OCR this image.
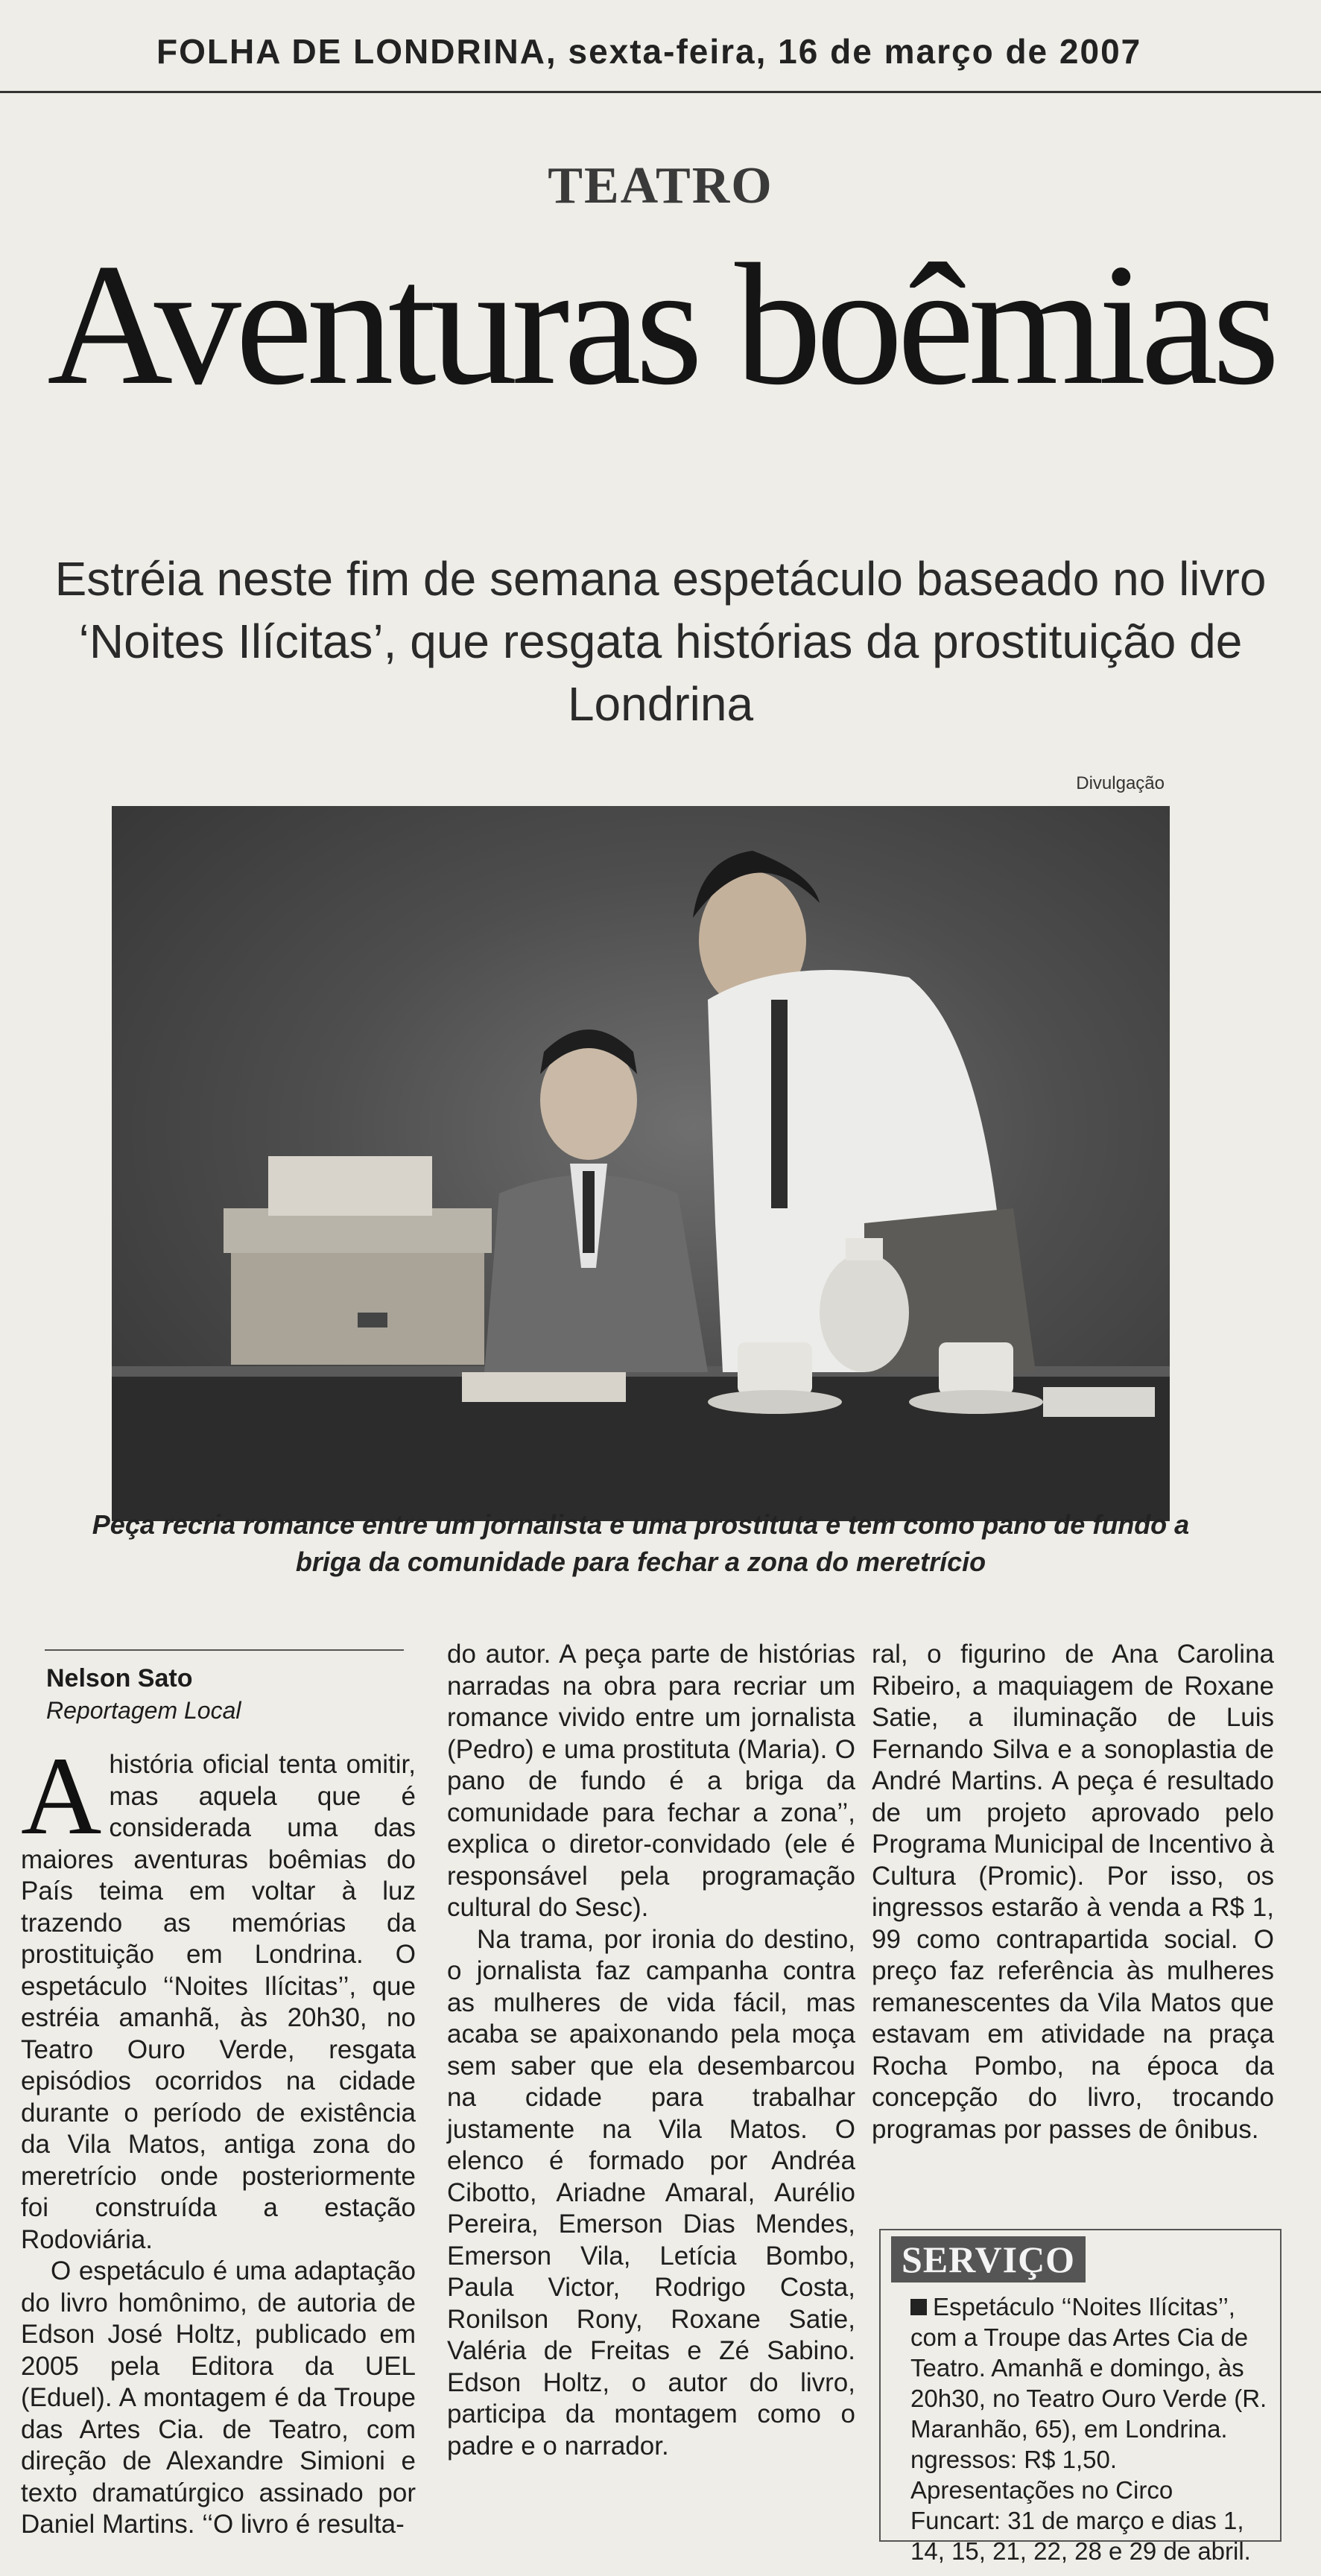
FOLHA DE LONDRINA, sexta-feira, 16 de março de 2007
TEATRO
Aventuras boêmias
Estréia neste fim de semana espetáculo baseado no livro ‘Noites Ilícitas’, que resgata histórias da prostituição de Londrina
Divulgação
Peça recria romance entre um jornalista e uma prostituta e tem como pano de fundo a briga da comunidade para fechar a zona do meretrício
Nelson Sato
Reportagem Local

Ahistória oficial tenta omitir, mas aquela que é considerada uma das maiores aventuras boêmias do País teima em voltar à luz trazendo as memórias da prostituição em Londrina. O espetáculo ‘‘Noites Ilícitas’’, que estréia amanhã, às 20h30, no Teatro Ouro Verde, resgata episódios ocorridos na cidade durante o período de existência da Vila Matos, antiga zona do meretrício onde posteriormente foi construída a estação Rodoviária.

O espetáculo é uma adaptação do livro homônimo, de autoria de Edson José Holtz, publicado em 2005 pela Editora da UEL (Eduel). A montagem é da Troupe das Artes Cia. de Teatro, com direção de Alexandre Simioni e texto dramatúrgico assinado por Daniel Martins. ‘‘O livro é resulta-

do autor. A peça parte de histórias narradas na obra para recriar um romance vivido entre um jornalista (Pedro) e uma prostituta (Maria). O pano de fundo é a briga da comunidade para fechar a zona’’, explica o diretor-convidado (ele é responsável pela programação cultural do Sesc).

Na trama, por ironia do destino, o jornalista faz campanha contra as mulheres de vida fácil, mas acaba se apaixonando pela moça sem saber que ela desembarcou na cidade para trabalhar justamente na Vila Matos. O elenco é formado por Andréa Cibotto, Ariadne Amaral, Aurélio Pereira, Emerson Dias Mendes, Emerson Vila, Letícia Bombo, Paula Victor, Rodrigo Costa, Ronilson Rony, Roxane Satie, Valéria de Freitas e Zé Sabino. Edson Holtz, o autor do livro, participa da montagem como o padre e o narrador.

ral, o figurino de Ana Carolina Ribeiro, a maquiagem de Roxane Satie, a iluminação de Luis Fernando Silva e a sonoplastia de André Martins. A peça é resultado de um projeto aprovado pelo Programa Municipal de Incentivo à Cultura (Promic). Por isso, os ingressos estarão à venda a R$ 1, 99 como contrapartida social. O preço faz referência às mulheres remanescentes da Vila Matos que estavam em atividade na praça Rocha Pombo, na época da concepção do livro, trocando programas por passes de ônibus.

SERVIÇO
Espetáculo ‘‘Noites Ilícitas’’, com a Troupe das Artes Cia de Teatro. Amanhã e domingo, às 20h30, no Teatro Ouro Verde (R. Maranhão, 65), em Londrina. ngressos: R$ 1,50. Apresentações no Circo Funcart: 31 de março e dias 1, 14, 15, 21, 22, 28 e 29 de abril.
